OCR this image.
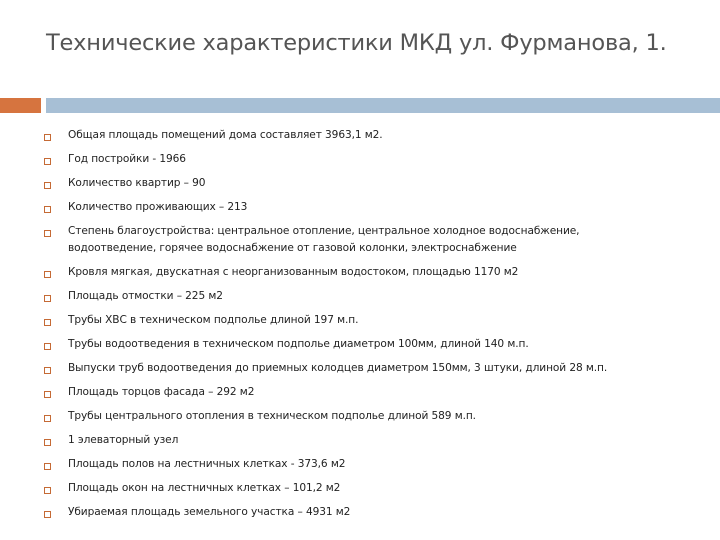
Технические характеристики МКД ул. Фурманова, 1.
Общая площадь помещений дома составляет 3963,1 м2.
Год постройки - 1966
Количество квартир – 90
Количество проживающих – 213
Степень благоустройства: центральное отопление, центральное холодное водоснабжение, водоотведение, горячее водоснабжение от газовой колонки, электроснабжение
Кровля мягкая, двускатная с неорганизованным водостоком, площадью 1170 м2
Площадь отмостки – 225 м2
Трубы ХВС в техническом подполье длиной 197 м.п.
Трубы водоотведения в техническом подполье диаметром 100мм, длиной 140 м.п.
Выпуски труб водоотведения до приемных колодцев диаметром 150мм, 3 штуки, длиной 28 м.п.
Площадь торцов фасада – 292 м2
Трубы центрального отопления в техническом подполье длиной 589 м.п.
1 элеваторный узел
Площадь полов на лестничных клетках - 373,6 м2
Площадь окон на лестничных клетках – 101,2 м2
Убираемая площадь земельного участка – 4931 м2
